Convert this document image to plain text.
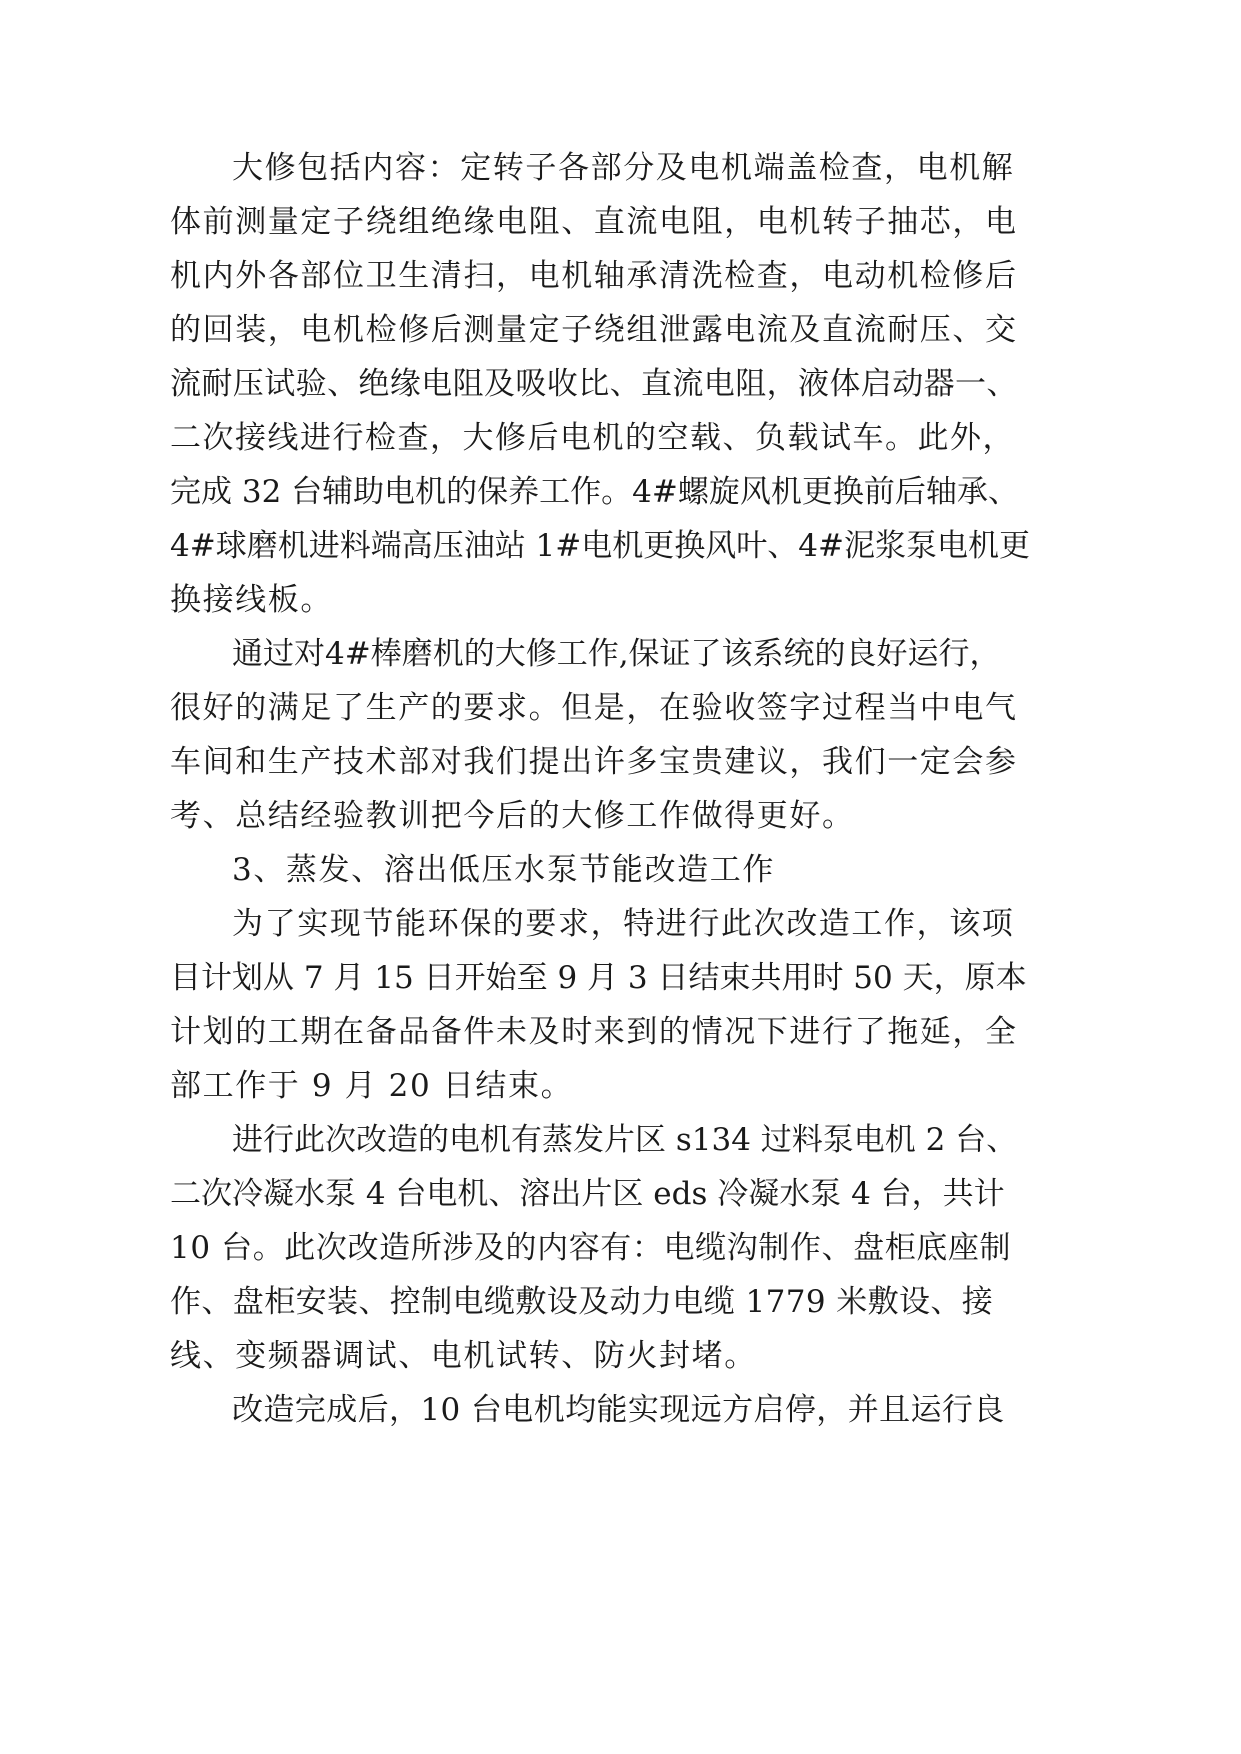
大修包括内容：定转子各部分及电机端盖检查，电机解

体前测量定子绕组绝缘电阻、直流电阻，电机转子抽芯，电

机内外各部位卫生清扫，电机轴承清洗检查，电动机检修后

的回装，电机检修后测量定子绕组泄露电流及直流耐压、交

流耐压试验、绝缘电阻及吸收比、直流电阻，液体启动器一、

二次接线进行检查，大修后电机的空载、负载试车。此外，

完成 32 台辅助电机的保养工作。4#螺旋风机更换前后轴承、

4#球磨机进料端高压油站 1#电机更换风叶、4#泥浆泵电机更

换接线板。

通过对4#棒磨机的大修工作,保证了该系统的良好运行，

很好的满足了生产的要求。但是，在验收签字过程当中电气

车间和生产技术部对我们提出许多宝贵建议，我们一定会参

考、总结经验教训把今后的大修工作做得更好。

3、蒸发、溶出低压水泵节能改造工作

为了实现节能环保的要求，特进行此次改造工作，该项

目计划从 7 月 15 日开始至 9 月 3 日结束共用时 50 天，原本

计划的工期在备品备件未及时来到的情况下进行了拖延，全

部工作于 9 月 20 日结束。

进行此次改造的电机有蒸发片区 s134 过料泵电机 2 台、

二次冷凝水泵 4 台电机、溶出片区 eds 冷凝水泵 4 台，共计

10 台。此次改造所涉及的内容有：电缆沟制作、盘柜底座制

作、盘柜安装、控制电缆敷设及动力电缆 1779 米敷设、接

线、变频器调试、电机试转、防火封堵。

改造完成后，10 台电机均能实现远方启停，并且运行良
